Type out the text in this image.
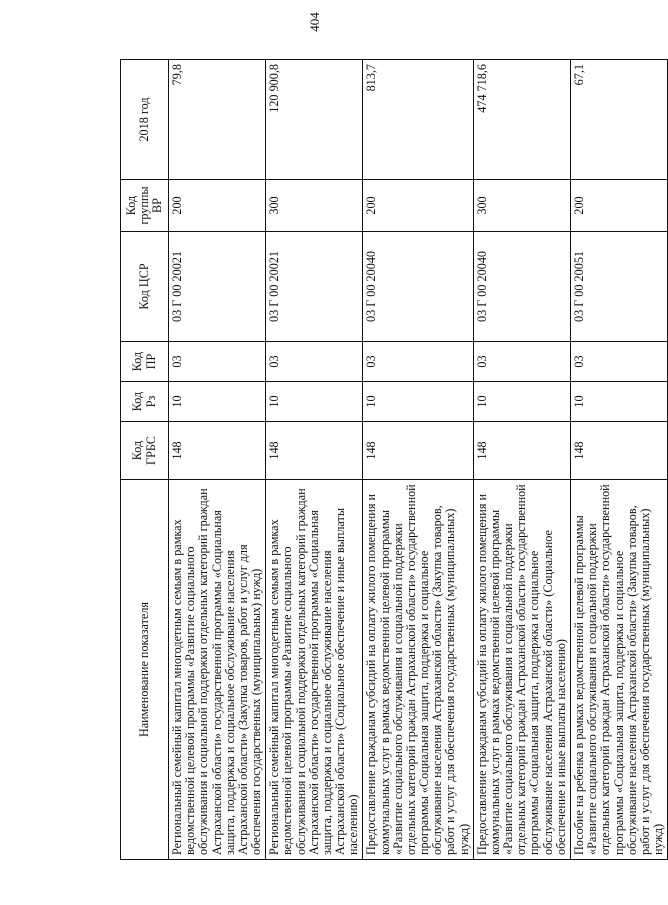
404
Наименование показателя	Код ГРБС	Код Рз	Код ПР	Код ЦСР	Код группы ВР	2018 год
Региональный семейный капитал многодетным семьям в рамках ведомственной целевой программы «Развитие социального обслуживания и социальной поддержки отдельных категорий граждан Астраханской области» государственной программы «Социальная защита, поддержка и социальное обслуживание населения Астраханской области» (Закупка товаров, работ и услуг для обеспечения государственных (муниципальных) нужд)	148	10	03	03 Г 00 20021	200	79,8
Региональный семейный капитал многодетным семьям в рамках ведомственной целевой программы «Развитие социального обслуживания и социальной поддержки отдельных категорий граждан Астраханской области» государственной программы «Социальная защита, поддержка и социальное обслуживание населения Астраханской области» (Социальное обеспечение и иные выплаты населению)	148	10	03	03 Г 00 20021	300	120 900,8
Предоставление гражданам субсидий на оплату жилого помещения и коммунальных услуг в рамках ведомственной целевой программы «Развитие социального обслуживания и социальной поддержки отдельных категорий граждан Астраханской области» государственной программы «Социальная защита, поддержка и социальное обслуживание населения Астраханской области» (Закупка товаров, работ и услуг для обеспечения государственных (муниципальных) нужд)	148	10	03	03 Г 00 20040	200	813,7
Предоставление гражданам субсидий на оплату жилого помещения и коммунальных услуг в рамках ведомственной целевой программы «Развитие социального обслуживания и социальной поддержки отдельных категорий граждан Астраханской области» государственной программы «Социальная защита, поддержка и социальное обслуживание населения Астраханской области» (Социальное обеспечение и иные выплаты населению)	148	10	03	03 Г 00 20040	300	474 718,6
Пособие на ребенка в рамках ведомственной целевой программы «Развитие социального обслуживания и социальной поддержки отдельных категорий граждан Астраханской области» государственной программы «Социальная защита, поддержка и социальное обслуживание населения Астраханской области» (Закупка товаров, работ и услуг для обеспечения государственных (муниципальных) нужд)	148	10	03	03 Г 00 20051	200	67,1
